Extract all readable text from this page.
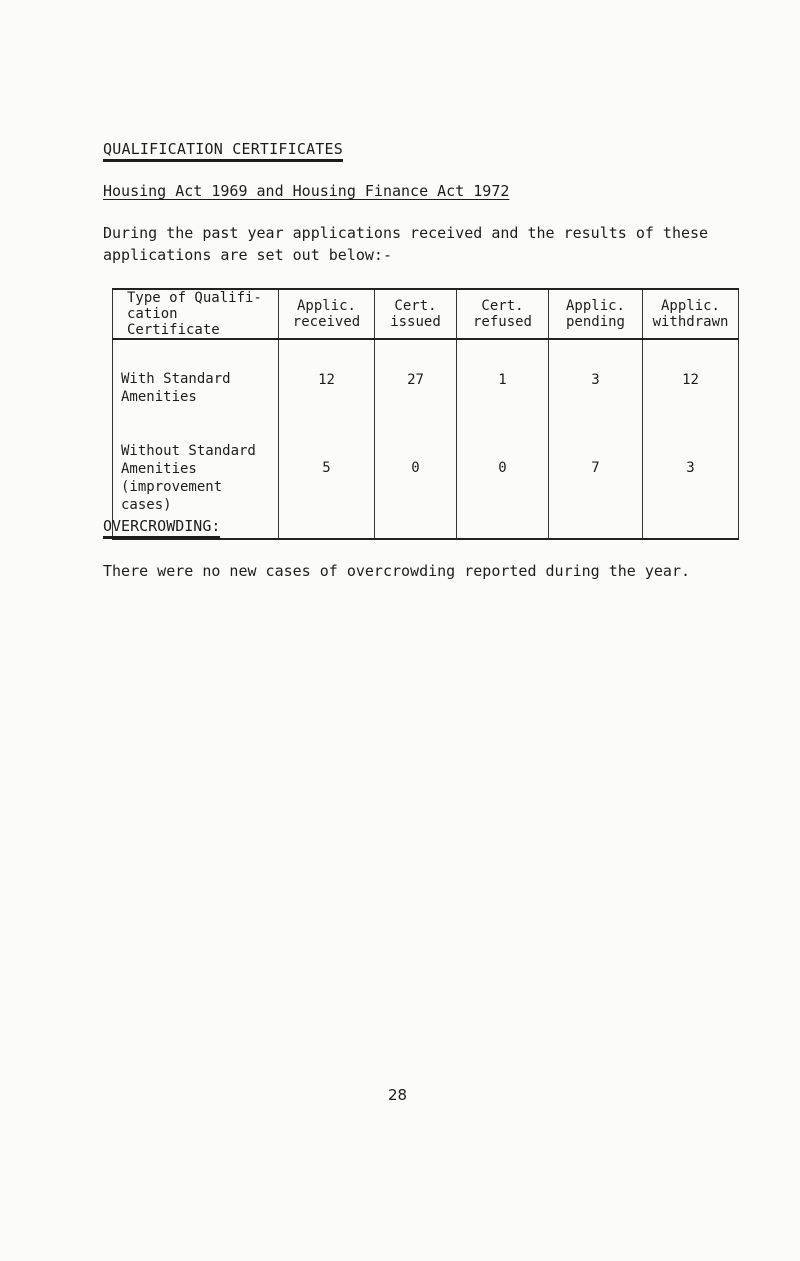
QUALIFICATION CERTIFICATES
Housing Act 1969 and Housing Finance Act 1972
During the past year applications received and the results of these applications are set out below:-
Type of Qualifi- cation Certificate	Applic. received	Cert. issued	Cert. refused	Applic. pending	Applic. withdrawn

With Standard
Amenities	12	27	1	3	12

Without Standard
Amenities
(improvement
cases)	5	0	0	7	3
OVERCROWDING:
There were no new cases of overcrowding reported during the year.
28
